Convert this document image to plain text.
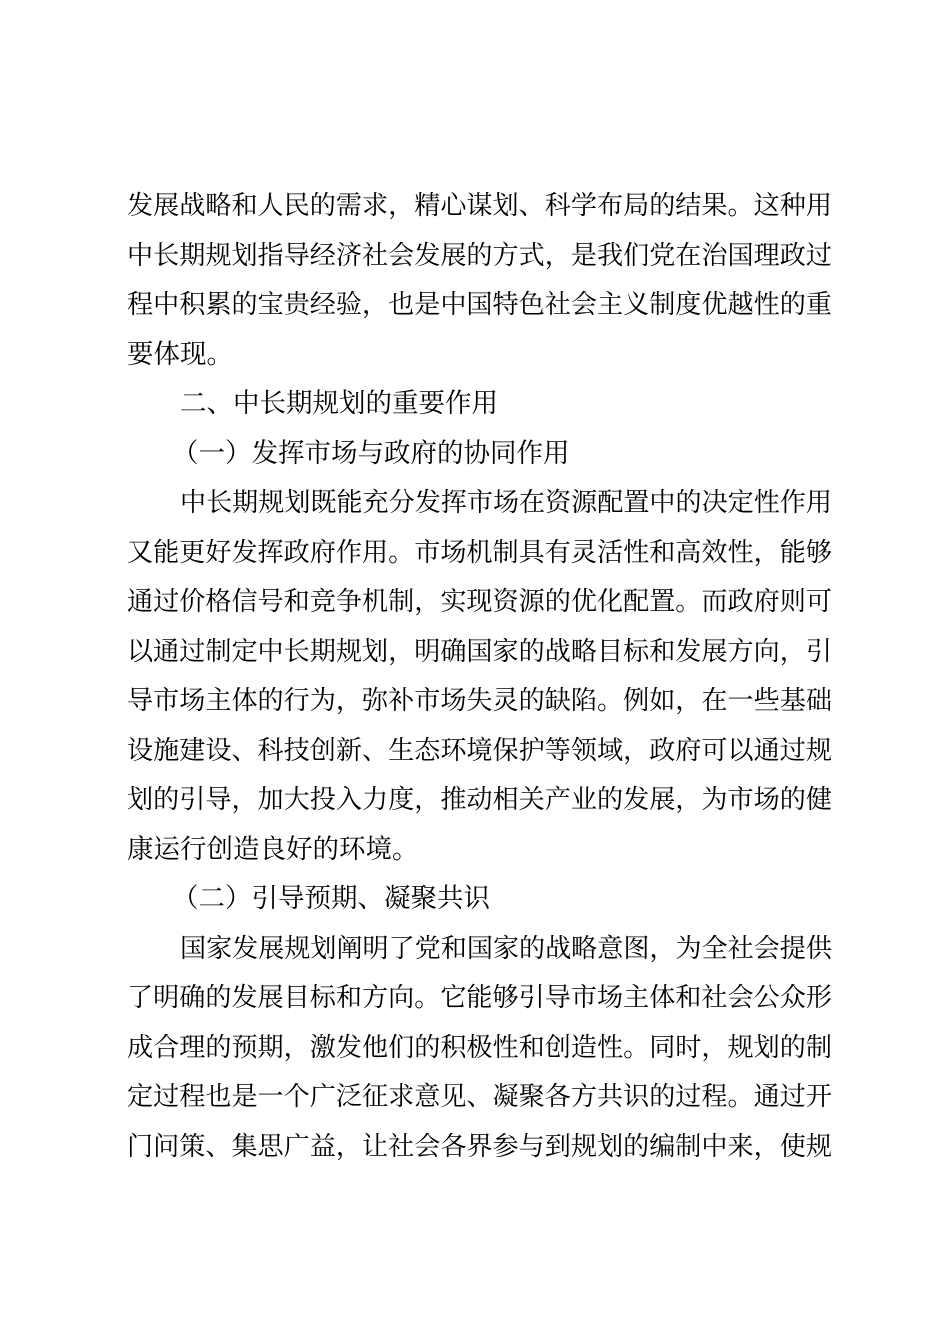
发展战略和人民的需求，精心谋划、科学布局的结果。这种用
中长期规划指导经济社会发展的方式，是我们党在治国理政过
程中积累的宝贵经验，也是中国特色社会主义制度优越性的重
要体现。
二、中长期规划的重要作用
（一）发挥市场与政府的协同作用
中长期规划既能充分发挥市场在资源配置中的决定性作用
又能更好发挥政府作用。市场机制具有灵活性和高效性，能够
通过价格信号和竞争机制，实现资源的优化配置。而政府则可
以通过制定中长期规划，明确国家的战略目标和发展方向，引
导市场主体的行为，弥补市场失灵的缺陷。例如，在一些基础
设施建设、科技创新、生态环境保护等领域，政府可以通过规
划的引导，加大投入力度，推动相关产业的发展，为市场的健
康运行创造良好的环境。
（二）引导预期、凝聚共识
国家发展规划阐明了党和国家的战略意图，为全社会提供
了明确的发展目标和方向。它能够引导市场主体和社会公众形
成合理的预期，激发他们的积极性和创造性。同时，规划的制
定过程也是一个广泛征求意见、凝聚各方共识的过程。通过开
门问策、集思广益，让社会各界参与到规划的编制中来，使规
